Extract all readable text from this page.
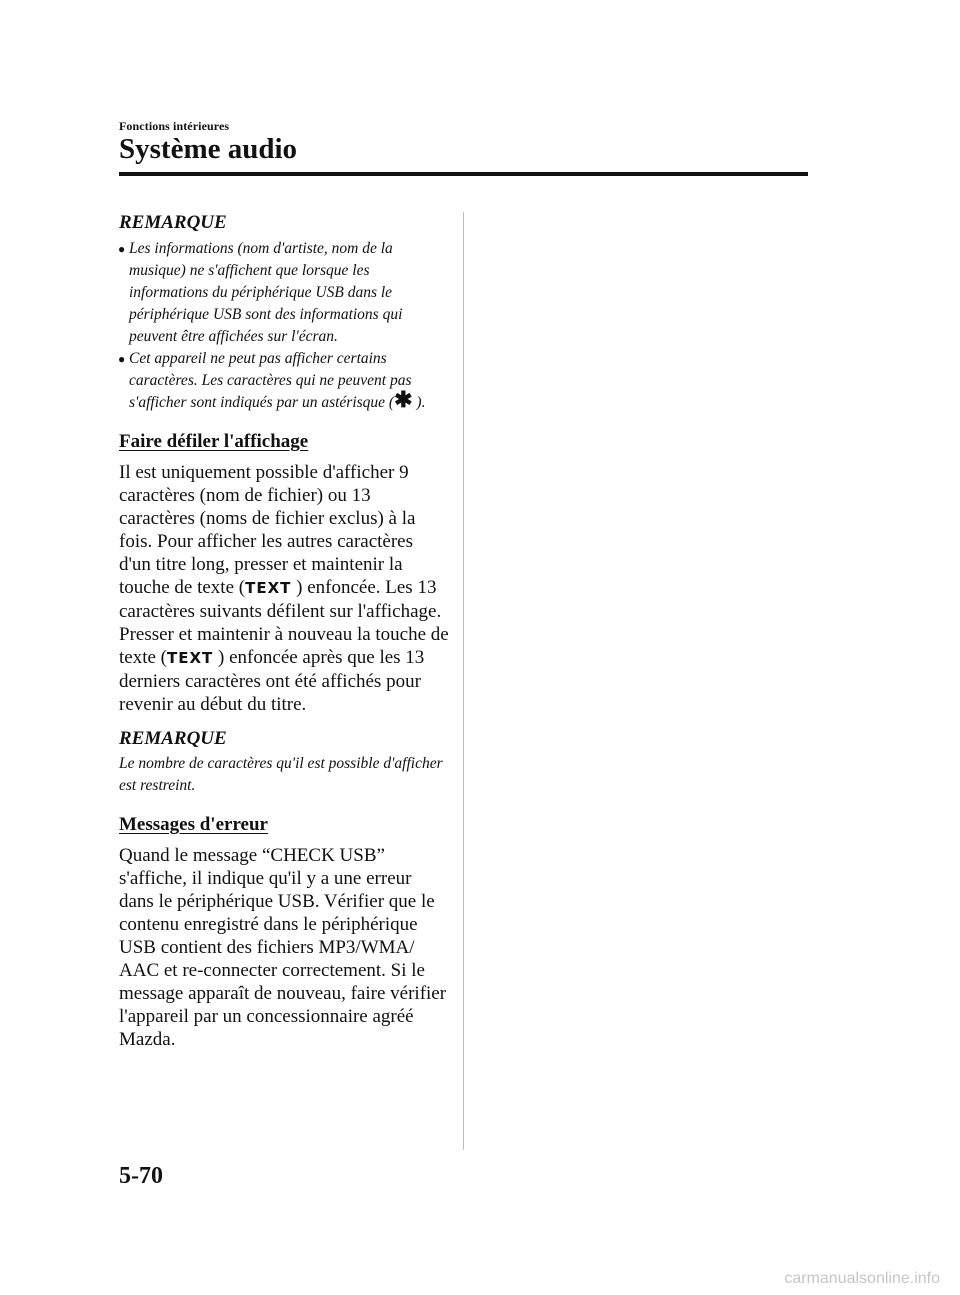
Fonctions intérieures
Système audio
REMARQUE
● Les informations (nom d'artiste, nom de la musique) ne s'affichent que lorsque les informations du périphérique USB dans le périphérique USB sont des informations qui peuvent être affichées sur l'écran.
● Cet appareil ne peut pas afficher certains caractères. Les caractères qui ne peuvent pas s'afficher sont indiqués par un astérisque (✱ ).
Faire défiler l'affichage

Il est uniquement possible d'afficher 9 caractères (nom de fichier) ou 13 caractères (noms de fichier exclus) à la fois. Pour afficher les autres caractères d'un titre long, presser et maintenir la touche de texte (TEXT ) enfoncée. Les 13 caractères suivants défilent sur l'affichage. Presser et maintenir à nouveau la touche de texte (TEXT ) enfoncée après que les 13 derniers caractères ont été affichés pour revenir au début du titre.

REMARQUE

Le nombre de caractères qu'il est possible d'afficher est restreint.

Messages d'erreur

Quand le message “CHECK USB” s'affiche, il indique qu'il y a une erreur dans le périphérique USB. Vérifier que le contenu enregistré dans le périphérique USB contient des fichiers MP3/WMA/ AAC et re-connecter correctement. Si le message apparaît de nouveau, faire vérifier l'appareil par un concessionnaire agréé Mazda.

5-70
carmanualsonline.info
